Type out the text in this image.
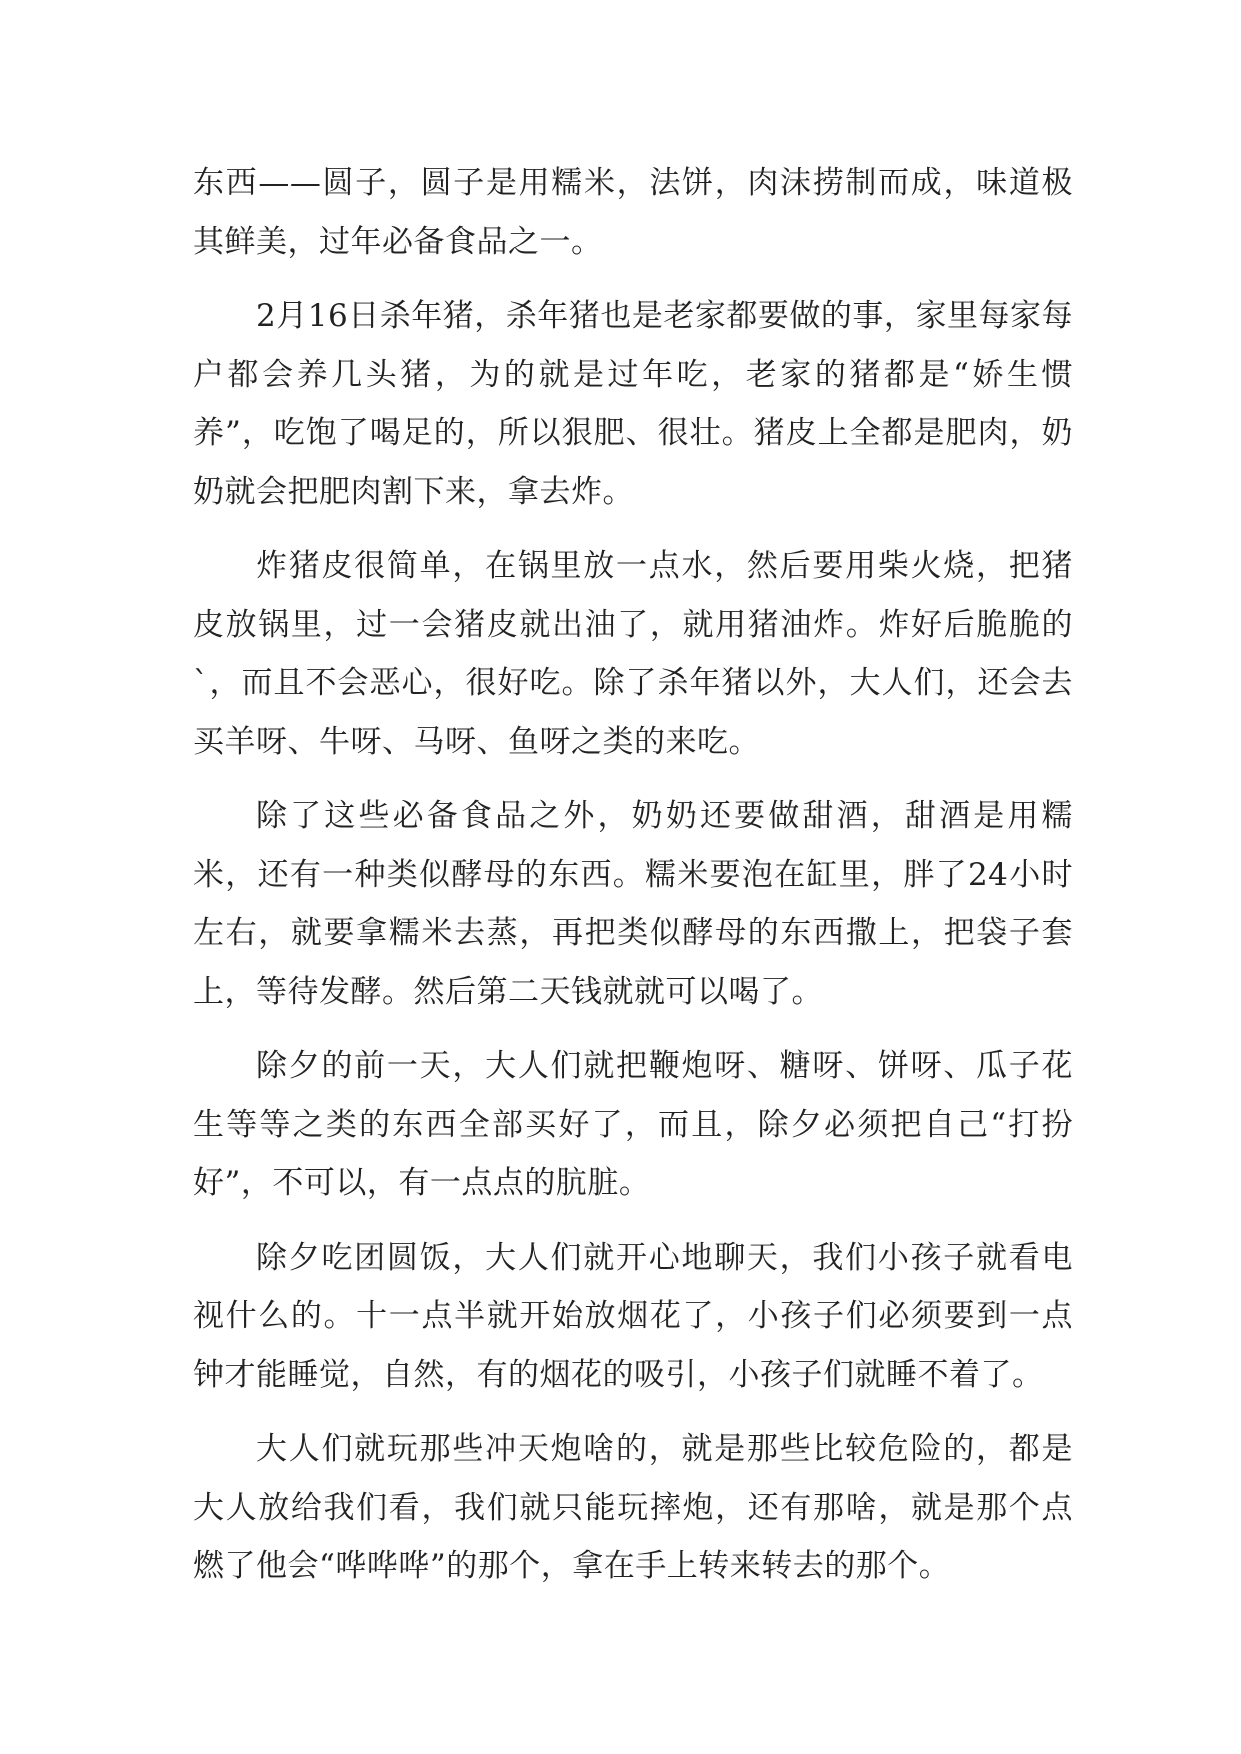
东西——圆子，圆子是用糯米，法饼，肉沫捞制而成，味道极其鲜美，过年必备食品之一。

2月16日杀年猪，杀年猪也是老家都要做的事，家里每家每户都会养几头猪，为的就是过年吃，老家的猪都是“娇生惯养”，吃饱了喝足的，所以狠肥、很壮。猪皮上全都是肥肉，奶奶就会把肥肉割下来，拿去炸。

炸猪皮很简单，在锅里放一点水，然后要用柴火烧，把猪皮放锅里，过一会猪皮就出油了，就用猪油炸。炸好后脆脆的`，而且不会恶心，很好吃。除了杀年猪以外，大人们，还会去买羊呀、牛呀、马呀、鱼呀之类的来吃。

除了这些必备食品之外，奶奶还要做甜酒，甜酒是用糯米，还有一种类似酵母的东西。糯米要泡在缸里，胖了24小时左右，就要拿糯米去蒸，再把类似酵母的东西撒上，把袋子套上，等待发酵。然后第二天钱就就可以喝了。

除夕的前一天，大人们就把鞭炮呀、糖呀、饼呀、瓜子花生等等之类的东西全部买好了，而且，除夕必须把自己“打扮好”，不可以，有一点点的肮脏。

除夕吃团圆饭，大人们就开心地聊天，我们小孩子就看电视什么的。十一点半就开始放烟花了，小孩子们必须要到一点钟才能睡觉，自然，有的烟花的吸引，小孩子们就睡不着了。

大人们就玩那些冲天炮啥的，就是那些比较危险的，都是大人放给我们看，我们就只能玩摔炮，还有那啥，就是那个点燃了他会“哗哗哗”的那个，拿在手上转来转去的那个。
